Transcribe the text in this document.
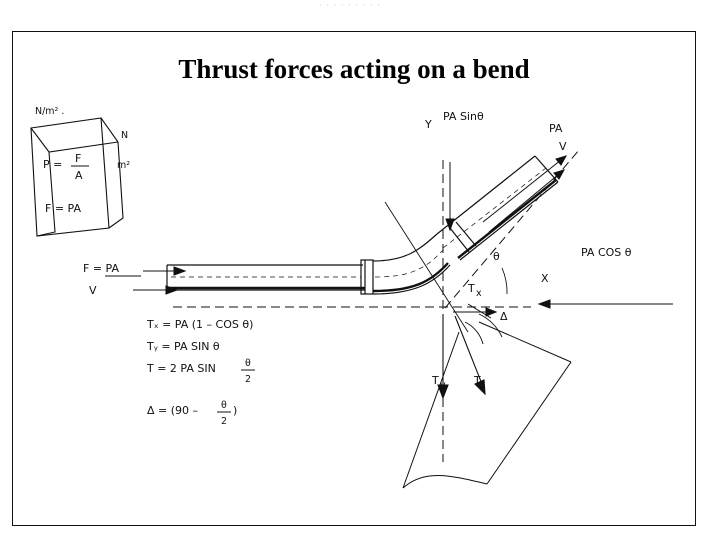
· · · · · · · · ·
Thrust forces acting on a bend
N/m² .
N
m²
P = F
A
F = PA
F = PA
V
Y
PA Sinθ
X
PA COS θ
PA
V
θ
T y	T
T x
Δ
Tₓ = PA (1 – COS θ)
Tᵧ = PA SIN θ
T = 2 PA SIN	θ
2
Δ = (90 – θ
2
)
